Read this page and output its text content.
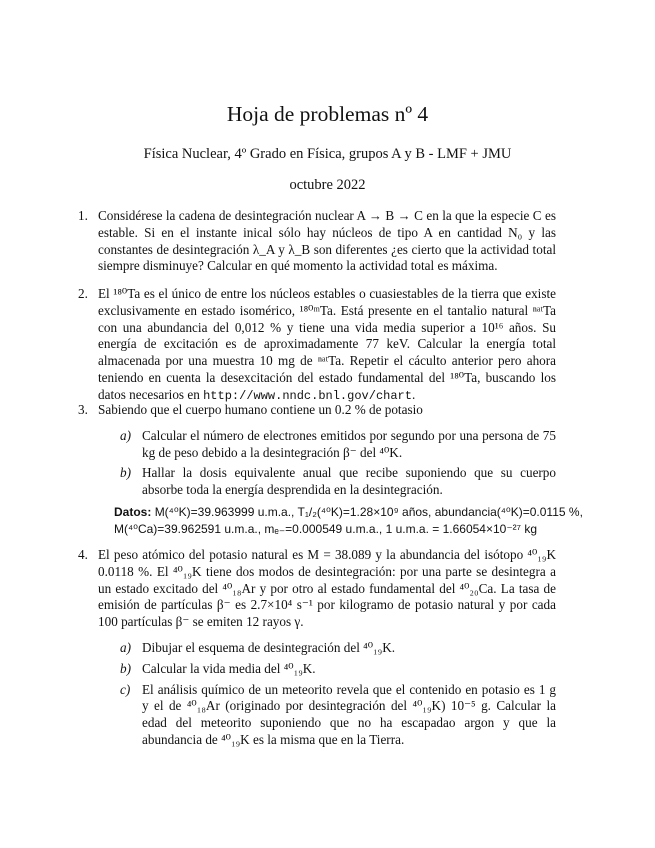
Hoja de problemas nº 4
Física Nuclear, 4º Grado en Física, grupos A y B - LMF + JMU
octubre 2022
1. Considérese la cadena de desintegración nuclear A → B → C en la que la especie C es estable. Si en el instante inical sólo hay núcleos de tipo A en cantidad N₀ y las constantes de desintegración λ_A y λ_B son diferentes ¿es cierto que la actividad total siempre disminuye? Calcular en qué momento la actividad total es máxima.
2. El ¹⁸⁰Ta es el único de entre los núcleos estables o cuasiestables de la tierra que existe exclusivamente en estado isomérico, ¹⁸⁰ᵐTa. Está presente en el tantalio natural ⁿᵃᵗTa con una abundancia del 0,012 % y tiene una vida media superior a 10¹⁶ años. Su energía de excitación es de aproximadamente 77 keV. Calcular la energía total almacenada por una muestra 10 mg de ⁿᵃᵗTa. Repetir el cáculto anterior pero ahora teniendo en cuenta la desexcitación del estado fundamental del ¹⁸⁰Ta, buscando los datos necesarios en http://www.nndc.bnl.gov/chart.
3. Sabiendo que el cuerpo humano contiene un 0.2 % de potasio
a) Calcular el número de electrones emitidos por segundo por una persona de 75 kg de peso debido a la desintegración β⁻ del ⁴⁰K.
b) Hallar la dosis equivalente anual que recibe suponiendo que su cuerpo absorbe toda la energía desprendida en la desintegración.
Datos: M(⁴⁰K)=39.963999 u.m.a., T₁/₂(⁴⁰K)=1.28×10⁹ años, abundancia(⁴⁰K)=0.0115 %,
M(⁴⁰Ca)=39.962591 u.m.a., mₑ₋=0.000549 u.m.a., 1 u.m.a. = 1.66054×10⁻²⁷ kg
4. El peso atómico del potasio natural es M = 38.089 y la abundancia del isótopo ⁴⁰₁₉K 0.0118 %. El ⁴⁰₁₉K tiene dos modos de desintegración: por una parte se desintegra a un estado excitado del ⁴⁰₁₈Ar y por otro al estado fundamental del ⁴⁰₂₀Ca. La tasa de emisión de partículas β⁻ es 2.7×10⁴ s⁻¹ por kilogramo de potasio natural y por cada 100 partículas β⁻ se emiten 12 rayos γ.
a) Dibujar el esquema de desintegración del ⁴⁰₁₉K.
b) Calcular la vida media del ⁴⁰₁₉K.
c) El análisis químico de un meteorito revela que el contenido en potasio es 1 g y el de ⁴⁰₁₈Ar (originado por desintegración del ⁴⁰₁₉K) 10⁻⁵ g. Calcular la edad del meteorito suponiendo que no ha escapadao argon y que la abundancia de ⁴⁰₁₉K es la misma que en la Tierra.
